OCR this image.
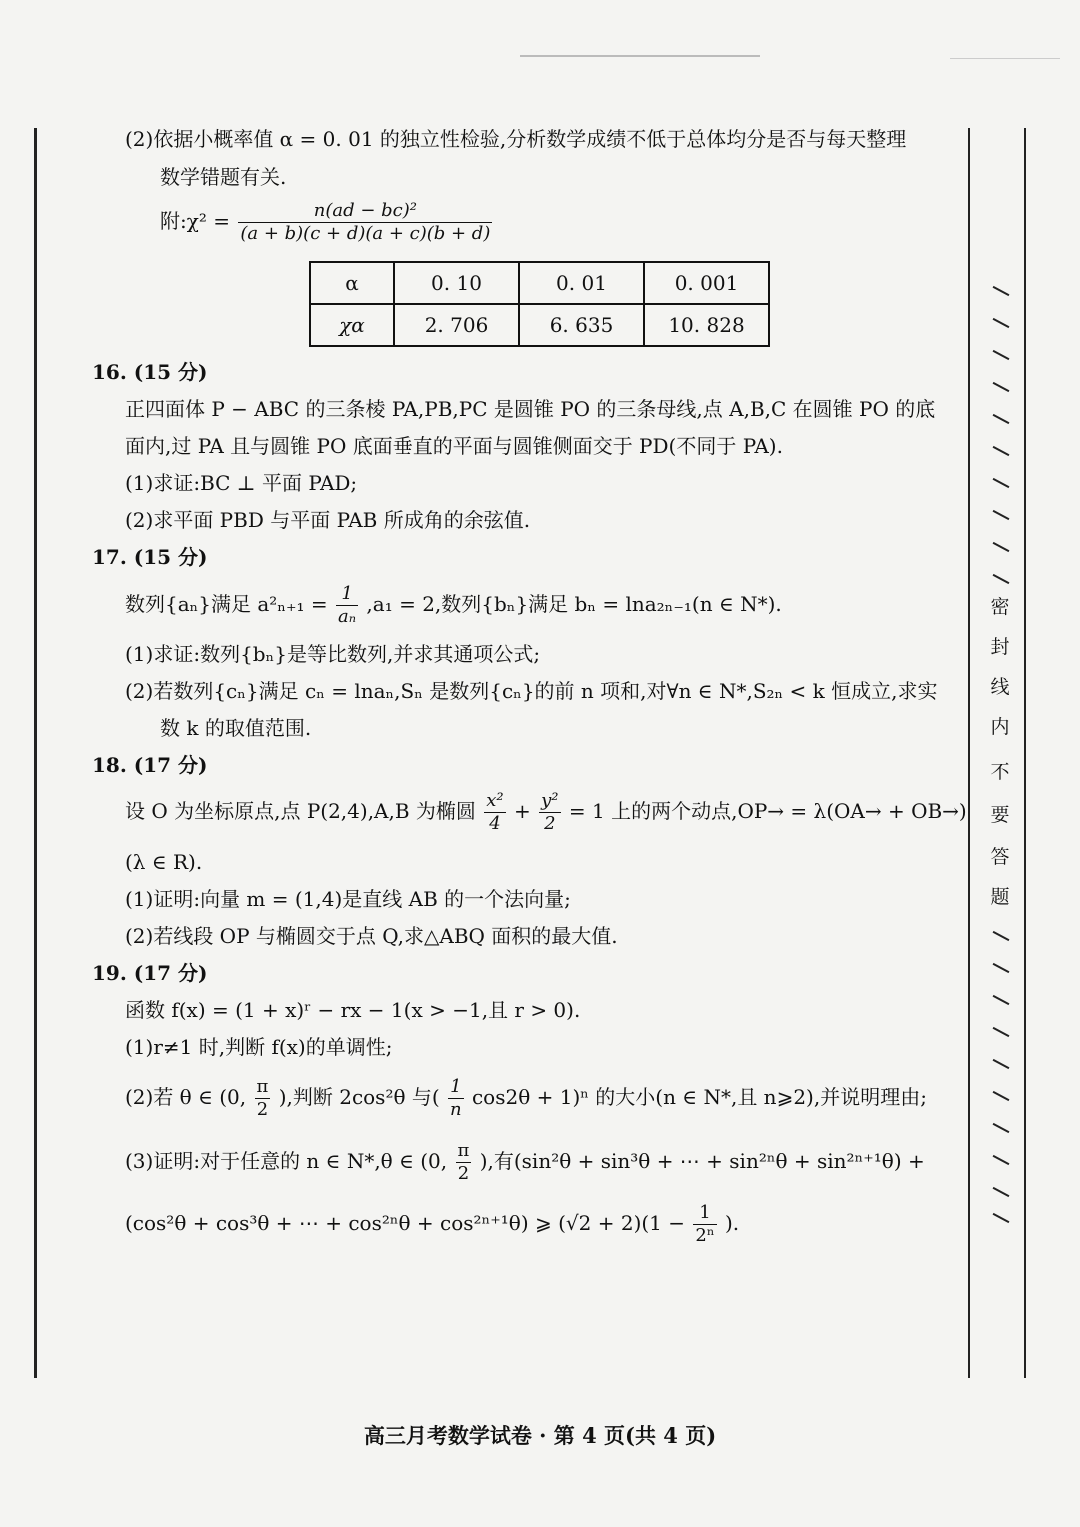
(2)依据小概率值 α = 0. 01 的独立性检验,分析数学成绩不低于总体均分是否与每天整理
数学错题有关.
附:χ² = $\frac{\text{n(ad − bc)²}}{(a + b)(c + d)(a + c)(b + d)}$
α	0. 10	0. 01	0. 001
χα	2. 706	6. 635	10. 828
16. (15 分)
正四面体 P − ABC 的三条棱 PA,PB,PC 是圆锥 PO 的三条母线,点 A,B,C 在圆锥 PO 的底
面内,过 PA 且与圆锥 PO 底面垂直的平面与圆锥侧面交于 PD(不同于 PA).
(1)求证:BC ⊥ 平面 PAD;
(2)求平面 PBD 与平面 PAB 所成角的余弦值.
17. (15 分)
数列{aₙ}满足 $a^2_{n+1} = \frac{1}{\text{aₙ}} ,a_1 = 2$,数列{bₙ}满足 bₙ = lna₂ₙ₋₁(n ∈ N*).
(1)求证:数列{bₙ}是等比数列,并求其通项公式;
(2)若数列{cₙ}满足 cₙ = lnaₙ,Sₙ 是数列{cₙ}的前 n 项和,对∀n ∈ N*,S₂ₙ < k 恒成立,求实
数 k 的取值范围.
18. (17 分)
设 O 为坐标原点,点 P(2,4),A,B 为椭圆 $\frac{\text{x²}}{4} + \frac{\text{y²}}{2} = 1$ 上的两个动点,OP→ = λ(OA→ + OB→)
(λ ∈ R).
(1)证明:向量 m = (1,4)是直线 AB 的一个法向量;
(2)若线段 OP 与椭圆交于点 Q,求△ABQ 面积的最大值.
19. (17 分)
函数 f(x) = (1 + x)ʳ − rx − 1(x > −1,且 r > 0).
(1)r≠1 时,判断 f(x)的单调性;
(2)若 θ ∈ (0, $\frac{\pi}{2}$ ),判断 2cos²θ 与( $\frac{1}{n} \cos 2\theta + 1)^n$ 的大小(n ∈ N*,且 n⩾2),并说明理由;
(3)证明:对于任意的 n ∈ N*,θ ∈ (0, $\frac{\pi}{2}$ ),有(sin²θ + sin³θ + ⋯ + sin²ⁿθ + sin²ⁿ⁺¹θ) +
(cos²θ + cos³θ + ⋯ + cos²ⁿθ + cos²ⁿ⁺¹θ) ⩾ $(√2 + 2)(1 - \frac{1}{\text{2ⁿ}}$ ).
密
封
线
内
不
要
答
题
高三月考数学试卷 · 第 4 页(共 4 页)
